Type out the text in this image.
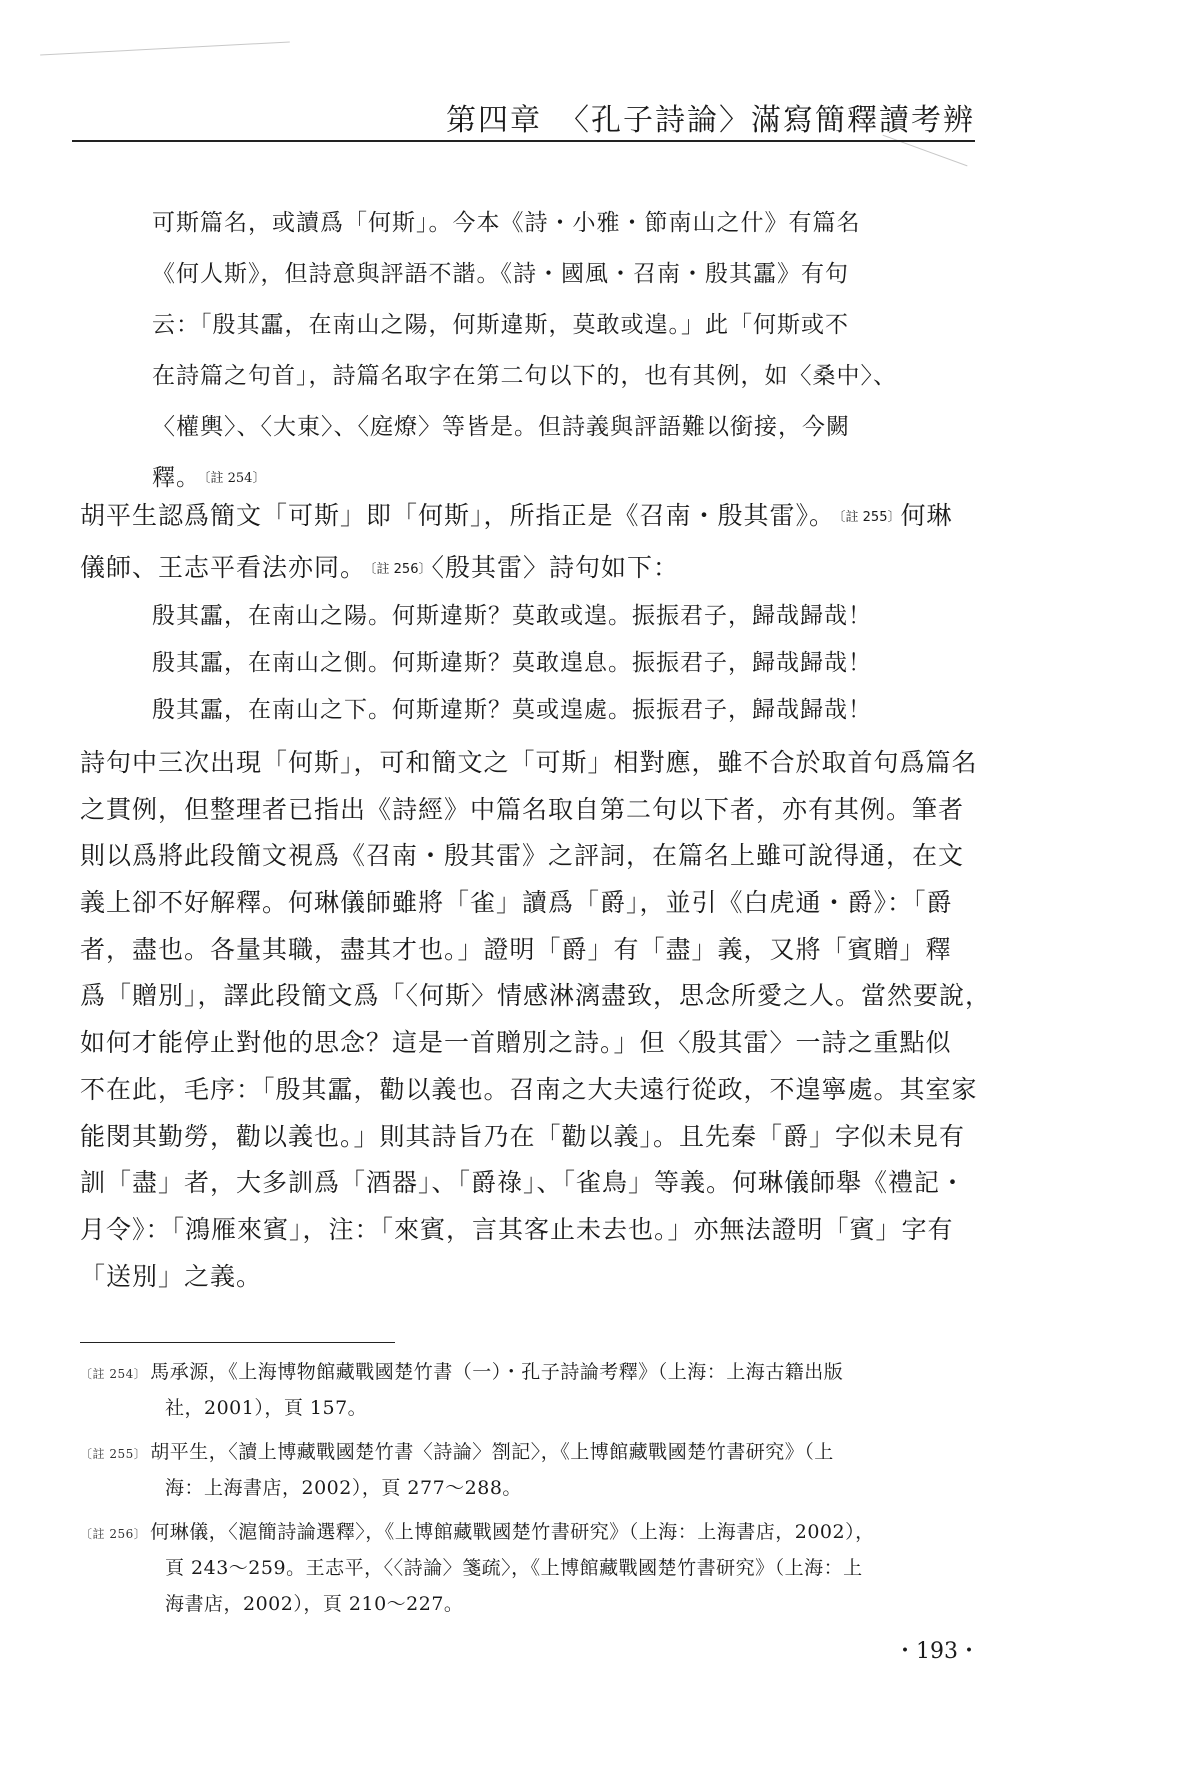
第四章　〈孔子詩論〉滿寫簡釋讀考辨
可斯篇名，或讀爲「何斯」。今本《詩・小雅・節南山之什》有篇名
《何人斯》，但詩意與評語不諧。《詩・國風・召南・殷其靁》有句
云：「殷其靁，在南山之陽，何斯違斯，莫敢或遑。」此「何斯或不
在詩篇之句首」，詩篇名取字在第二句以下的，也有其例，如〈桑中〉、
〈權輿〉、〈大東〉、〈庭燎〉等皆是。但詩義與評語難以銜接，今闕
釋。 〔註 254〕
胡平生認爲簡文「可斯」即「何斯」，所指正是《召南・殷其雷》。 〔註 255〕何琳
儀師、王志平看法亦同。 〔註 256〕〈殷其雷〉詩句如下：
殷其靁，在南山之陽。何斯違斯？莫敢或遑。振振君子，歸哉歸哉！
殷其靁，在南山之側。何斯違斯？莫敢遑息。振振君子，歸哉歸哉！
殷其靁，在南山之下。何斯違斯？莫或遑處。振振君子，歸哉歸哉！
詩句中三次出現「何斯」，可和簡文之「可斯」相對應，雖不合於取首句爲篇名
之貫例，但整理者已指出《詩經》中篇名取自第二句以下者，亦有其例。筆者
則以爲將此段簡文視爲《召南・殷其雷》之評詞，在篇名上雖可說得通，在文
義上卻不好解釋。何琳儀師雖將「雀」讀爲「爵」，並引《白虎通・爵》：「爵
者，盡也。各量其職，盡其才也。」證明「爵」有「盡」義，又將「賓贈」釋
爲「贈別」，譯此段簡文爲「〈何斯〉情感淋漓盡致，思念所愛之人。當然要說，
如何才能停止對他的思念？這是一首贈別之詩。」但〈殷其雷〉一詩之重點似
不在此，毛序：「殷其靁，勸以義也。召南之大夫遠行從政，不遑寧處。其室家
能閔其勤勞，勸以義也。」則其詩旨乃在「勸以義」。且先秦「爵」字似未見有
訓「盡」者，大多訓爲「酒器」、「爵祿」、「雀鳥」等義。何琳儀師舉《禮記・
月令》：「鴻雁來賓」，注：「來賓，言其客止未去也。」亦無法證明「賓」字有
「送別」之義。
〔註 254〕 馬承源，《上海博物館藏戰國楚竹書（一）・孔子詩論考釋》（上海：上海古籍出版
社，2001），頁 157。
〔註 255〕 胡平生，〈讀上博藏戰國楚竹書〈詩論〉劄記〉，《上博館藏戰國楚竹書研究》（上
海：上海書店，2002），頁 277～288。
〔註 256〕 何琳儀，〈滬簡詩論選釋〉，《上博館藏戰國楚竹書研究》（上海：上海書店，2002），
頁 243～259。王志平，〈〈詩論〉箋疏〉，《上博館藏戰國楚竹書研究》（上海：上
海書店，2002），頁 210～227。
・193・
